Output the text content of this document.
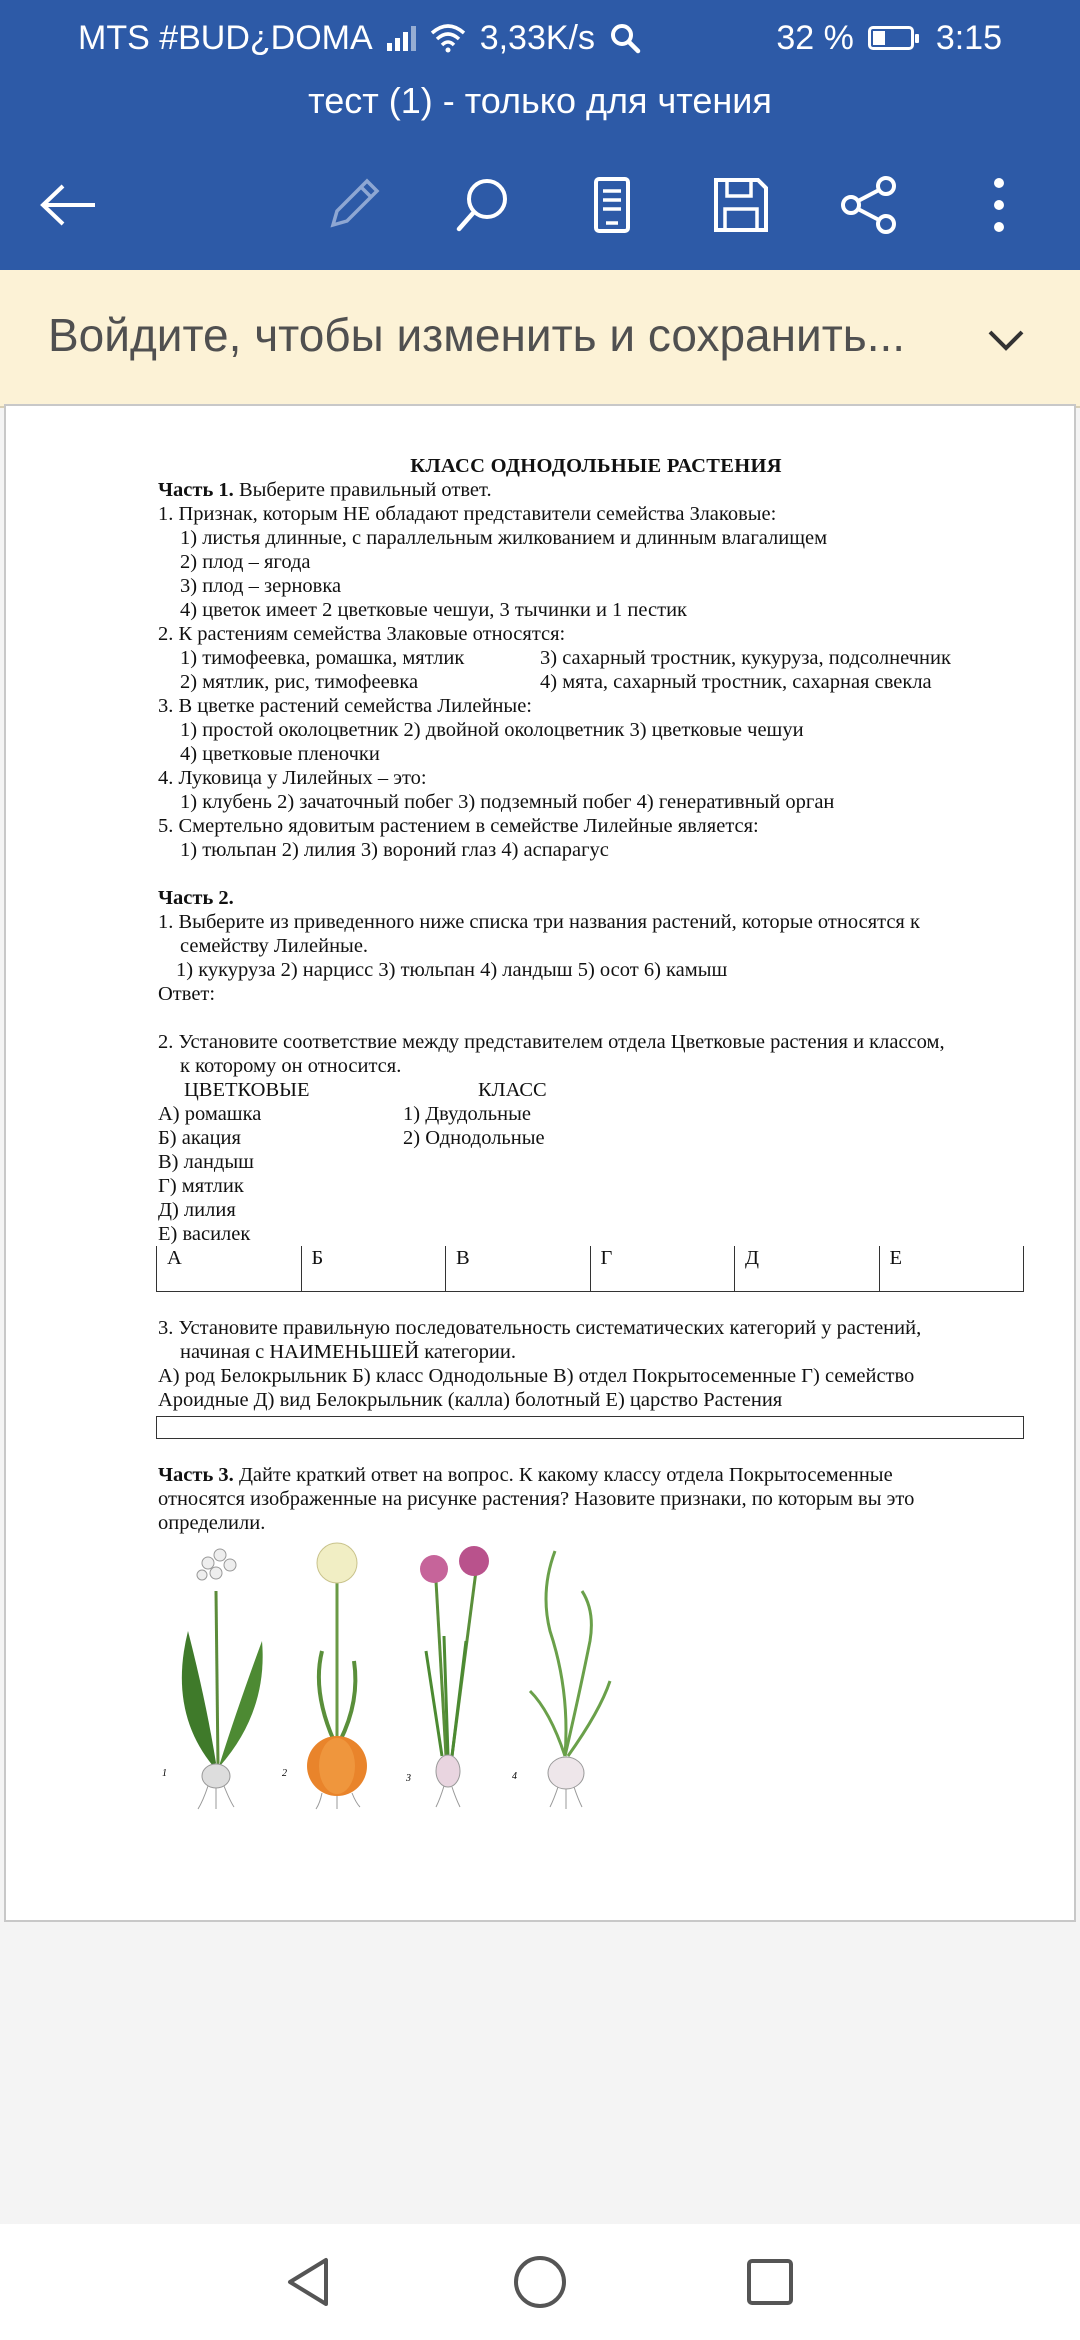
MTS #BUD¿DOMA	3,33K/s	32 % 3:15
тест (1) - только для чтения
Войдите, чтобы изменить и сохранить...
КЛАСС ОДНОДОЛЬНЫЕ РАСТЕНИЯ
Часть 1. Выберите правильный ответ.
1. Признак, которым НЕ обладают представители семейства Злаковые:
1) листья длинные, с параллельным жилкованием и длинным влагалищем
2) плод – ягода
3) плод – зерновка
4) цветок имеет 2 цветковые чешуи, 3 тычинки и 1 пестик
2. К растениям семейства Злаковые относятся:
1) тимофеевка, ромашка, мятлик	3) сахарный тростник, кукуруза, подсолнечник
2) мятлик, рис, тимофеевка	4) мята, сахарный тростник, сахарная свекла
3. В цветке растений семейства Лилейные:
1) простой околоцветник 2) двойной околоцветник 3) цветковые чешуи
4) цветковые пленочки
4. Луковица у Лилейных – это:
1) клубень 2) зачаточный побег 3) подземный побег 4) генеративный орган
5. Смертельно ядовитым растением в семействе Лилейные является:
1) тюльпан 2) лилия 3) вороний глаз 4) аспарагус
Часть 2.
1. Выберите из приведенного ниже списка три названия растений, которые относятся к
семейству Лилейные.
1) кукуруза 2) нарцисс 3) тюльпан 4) ландыш 5) осот 6) камыш
Ответ:
2. Установите соответствие между представителем отдела Цветковые растения и классом,
к которому он относится.
ЦВЕТКОВЫЕ	КЛАСС
А) ромашка	1) Двудольные
Б) акация	2) Однодольные
В) ландыш
Г) мятлик
Д) лилия
Е) василек
А	Б	В	Г	Д	Е
3. Установите правильную последовательность систематических категорий у растений,
начиная с НАИМЕНЬШЕЙ категории.
А) род Белокрыльник Б) класс Однодольные В) отдел Покрытосеменные Г) семейство
Ароидные Д) вид Белокрыльник (калла) болотный Е) царство Растения
Часть 3. Дайте краткий ответ на вопрос. К какому классу отдела Покрытосеменные
относятся изображенные на рисунке растения? Назовите признаки, по которым вы это
определили.
1	2	3	4
